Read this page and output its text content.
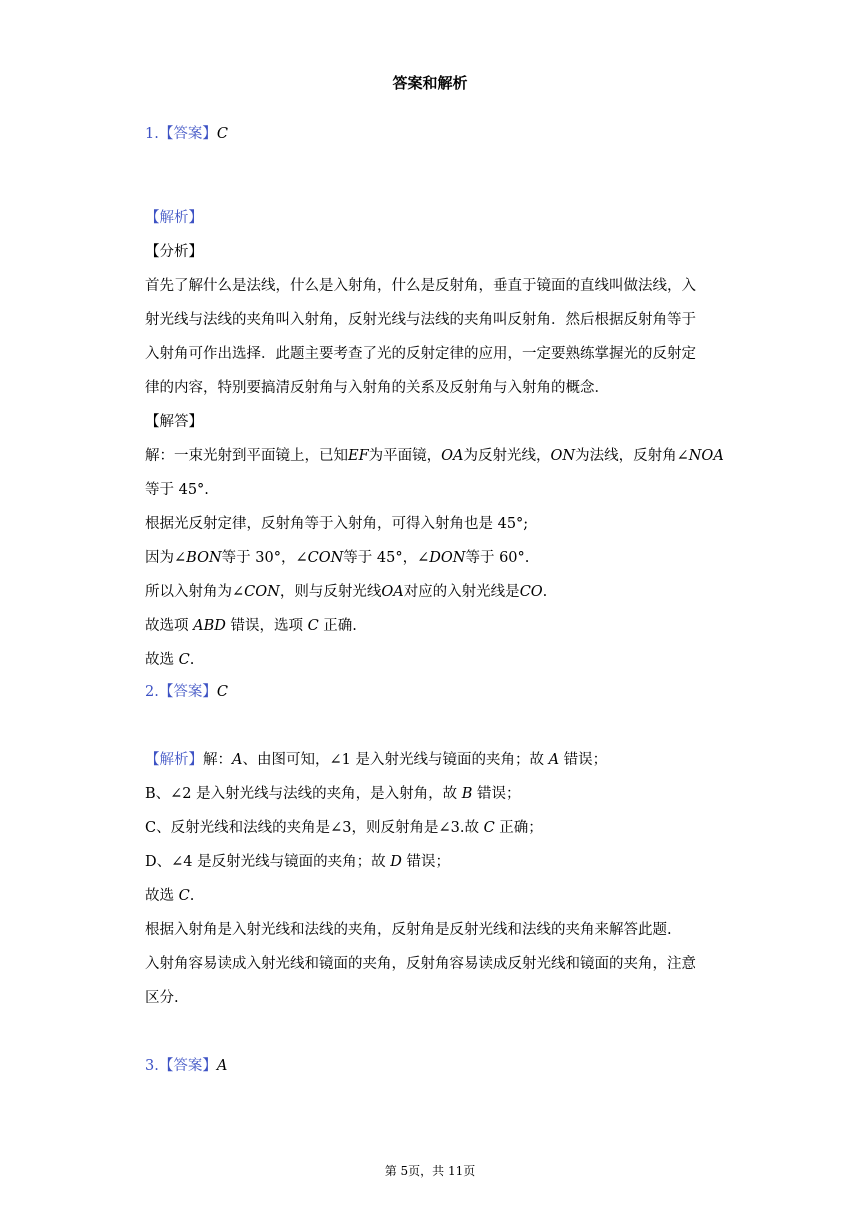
答案和解析
1.【答案】C
【解析】
【分析】
首先了解什么是法线，什么是入射角，什么是反射角，垂直于镜面的直线叫做法线，入
射光线与法线的夹角叫入射角，反射光线与法线的夹角叫反射角．然后根据反射角等于
入射角可作出选择．此题主要考查了光的反射定律的应用，一定要熟练掌握光的反射定
律的内容，特别要搞清反射角与入射角的关系及反射角与入射角的概念．
【解答】
解：一束光射到平面镜上，已知EF为平面镜，OA为反射光线，ON为法线，反射角∠NOA
等于 45°.
根据光反射定律，反射角等于入射角，可得入射角也是 45°;
因为∠BON等于 30°，∠CON等于 45°，∠DON等于 60°.
所以入射角为∠CON，则与反射光线OA对应的入射光线是CO.
故选项 ABD 错误，选项 C 正确.
故选 C.
2.【答案】C
【解析】解：A、由图可知，∠1 是入射光线与镜面的夹角；故 A 错误；
B、∠2 是入射光线与法线的夹角，是入射角，故 B 错误；
C、反射光线和法线的夹角是∠3，则反射角是∠3.故 C 正确；
D、∠4 是反射光线与镜面的夹角；故 D 错误；
故选 C.
根据入射角是入射光线和法线的夹角，反射角是反射光线和法线的夹角来解答此题.
入射角容易读成入射光线和镜面的夹角，反射角容易读成反射光线和镜面的夹角，注意
区分.
3.【答案】A
第 5页，共 11页
